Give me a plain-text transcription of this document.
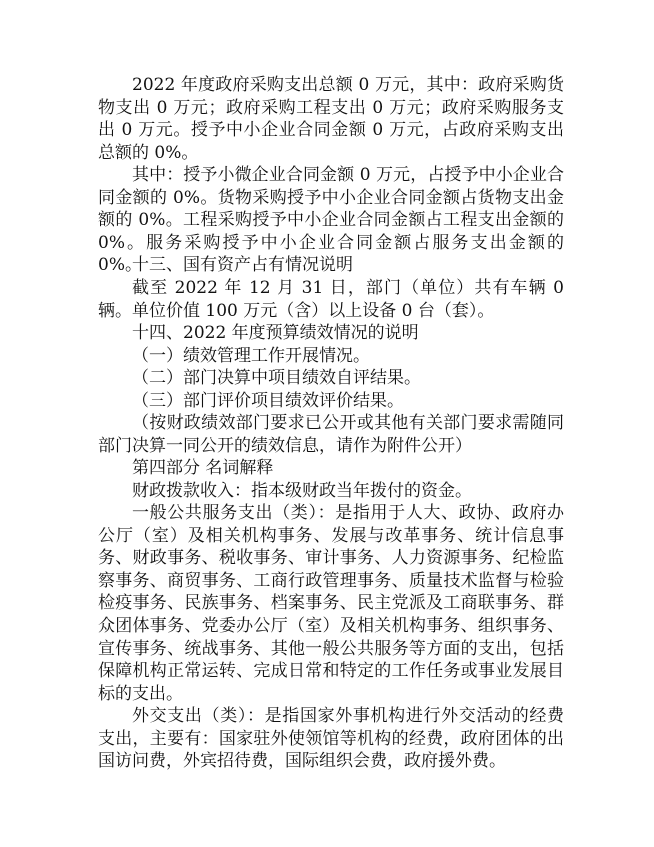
2022 年度政府采购支出总额 0 万元，其中：政府采购货物支出 0 万元；政府采购工程支出 0 万元；政府采购服务支出 0 万元。授予中小企业合同金额 0 万元，占政府采购支出总额的 0%。

其中：授予小微企业合同金额 0 万元，占授予中小企业合同金额的 0%。货物采购授予中小企业合同金额占货物支出金额的 0%。工程采购授予中小企业合同金额占工程支出金额的 0%。服务采购授予中小企业合同金额占服务支出金额的 0%。

十三、国有资产占有情况说明

截至 2022 年 12 月 31 日，部门（单位）共有车辆 0 辆。单位价值 100 万元（含）以上设备 0 台（套）。

十四、2022 年度预算绩效情况的说明

（一）绩效管理工作开展情况。

（二）部门决算中项目绩效自评结果。

（三）部门评价项目绩效评价结果。

（按财政绩效部门要求已公开或其他有关部门要求需随同部门决算一同公开的绩效信息，请作为附件公开）

第四部分 名词解释

财政拨款收入：指本级财政当年拨付的资金。

一般公共服务支出（类）：是指用于人大、政协、政府办公厅（室）及相关机构事务、发展与改革事务、统计信息事务、财政事务、税收事务、审计事务、人力资源事务、纪检监察事务、商贸事务、工商行政管理事务、质量技术监督与检验检疫事务、民族事务、档案事务、民主党派及工商联事务、群众团体事务、党委办公厅（室）及相关机构事务、组织事务、宣传事务、统战事务、其他一般公共服务等方面的支出，包括保障机构正常运转、完成日常和特定的工作任务或事业发展目标的支出。

外交支出（类）：是指国家外事机构进行外交活动的经费支出，主要有：国家驻外使领馆等机构的经费，政府团体的出国访问费，外宾招待费，国际组织会费，政府援外费。
